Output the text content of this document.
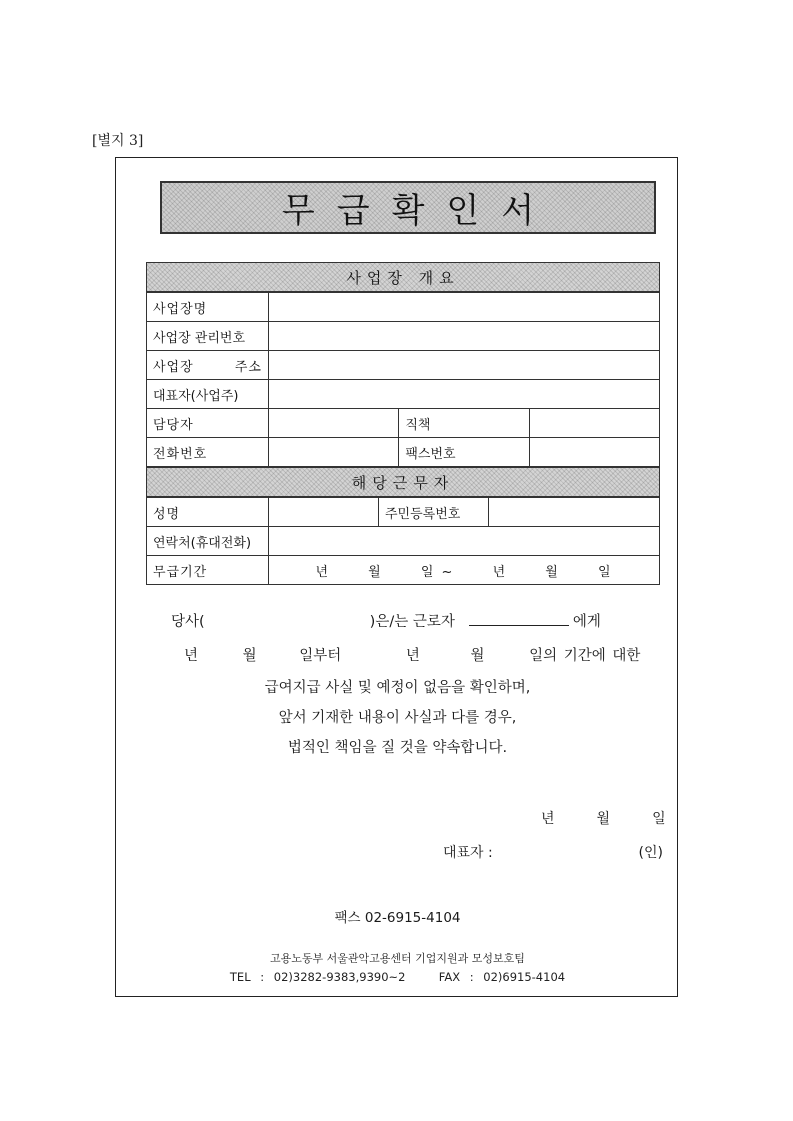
[별지 3]
무급확인서
사업장 개요
사업장명			
사업장 관리번호			
사업장 주소			
대표자(사업주)			
담당자		직책	
전화번호		팩스번호	
해당근무자
성명		주민등록번호	
연락처(휴대전화)			
무급기간	년 월 일 ~ 년 월 일		
당사(	)은/는 근로자	에게
년	월	일부터	년	월	일의 기간에 대한
급여지급 사실 및 예정이 없음을 확인하며,
앞서 기재한 내용이 사실과 다를 경우,
법적인 책임을 질 것을 약속합니다.
년	월	일
대표자 :	(인)
팩스 02-6915-4104
고용노동부 서울관악고용센터 기업지원과 모성보호팀
TEL : 02)3282-9383,9390~2	FAX : 02)6915-4104
